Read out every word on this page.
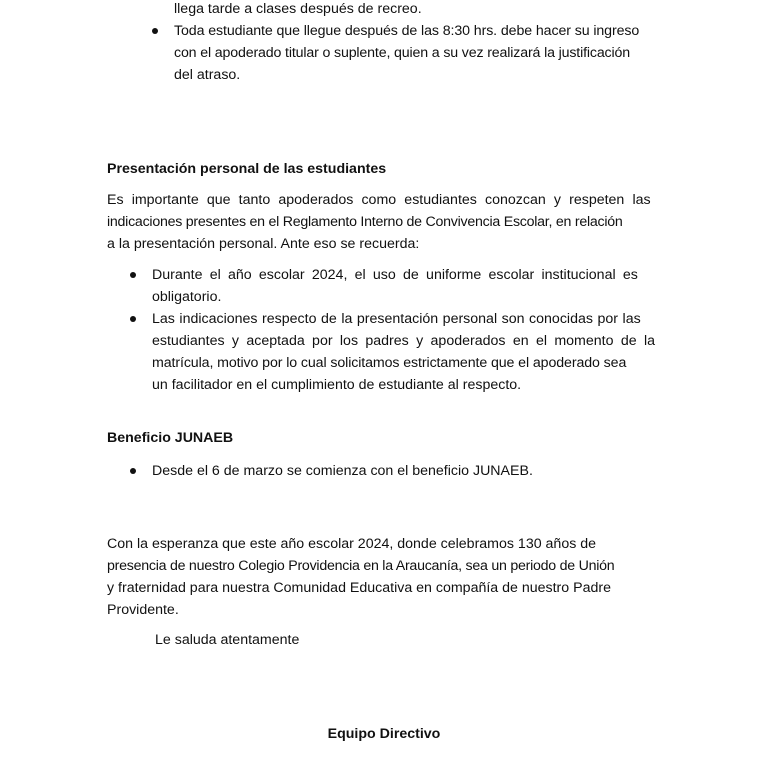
llega tarde a clases después de recreo.
Toda estudiante que llegue después de las 8:30 hrs. debe hacer su ingreso
con el apoderado titular o suplente, quien a su vez realizará la justificación
del atraso.
Presentación personal de las estudiantes
Es importante que tanto apoderados como estudiantes conozcan y respeten las
indicaciones presentes en el Reglamento Interno de Convivencia Escolar, en relación
a la presentación personal. Ante eso se recuerda:
Durante el año escolar 2024, el uso de uniforme escolar institucional es
obligatorio.
Las indicaciones respecto de la presentación personal son conocidas por las
estudiantes y aceptada por los padres y apoderados en el momento de la
matrícula, motivo por lo cual solicitamos estrictamente que el apoderado sea
un facilitador en el cumplimiento de estudiante al respecto.
Beneficio JUNAEB
Desde el 6 de marzo se comienza con el beneficio JUNAEB.
Con la esperanza que este año escolar 2024, donde celebramos 130 años de
presencia de nuestro Colegio Providencia en la Araucanía, sea un periodo de Unión
y fraternidad para nuestra Comunidad Educativa en compañía de nuestro Padre
Providente.
Le saluda atentamente
Equipo Directivo
